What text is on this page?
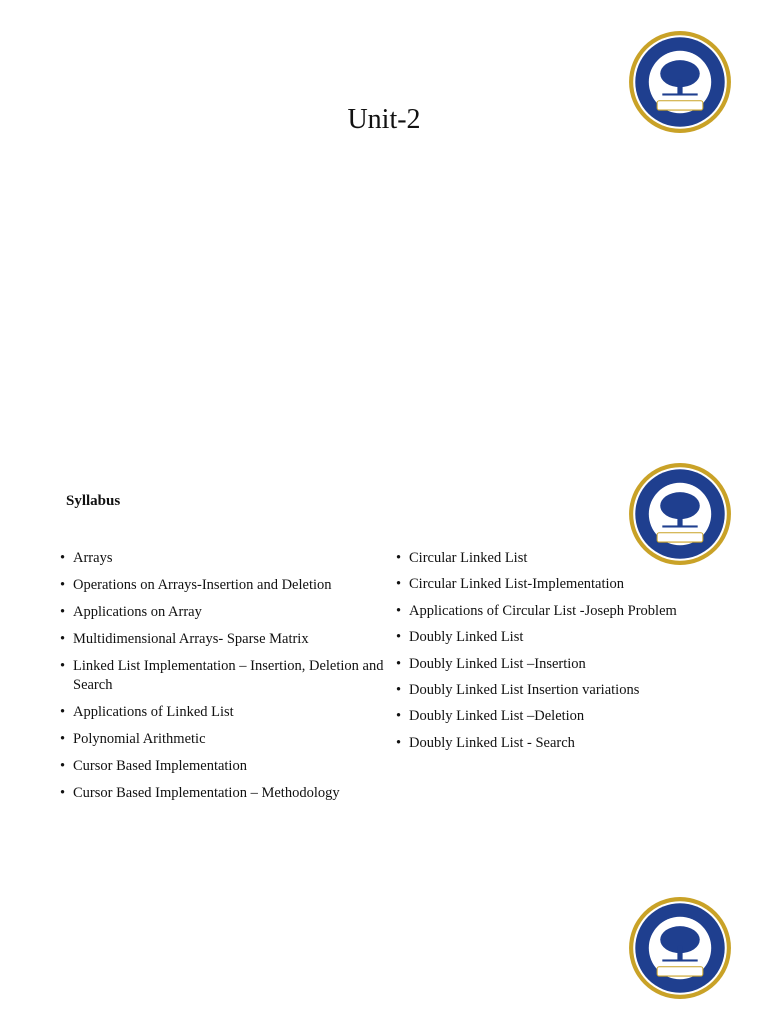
Unit-2
Syllabus
• Arrays
• Operations on Arrays-Insertion and Deletion
• Applications on Array
• Multidimensional Arrays- Sparse Matrix
• Linked List Implementation – Insertion, Deletion and Search
• Applications of Linked List
• Polynomial Arithmetic
• Cursor Based Implementation
• Cursor Based Implementation – Methodology
• Circular Linked List
• Circular Linked List-Implementation
• Applications of Circular List -Joseph Problem
• Doubly Linked List
• Doubly Linked List –Insertion
• Doubly Linked List Insertion variations
• Doubly Linked List –Deletion
• Doubly Linked List - Search
